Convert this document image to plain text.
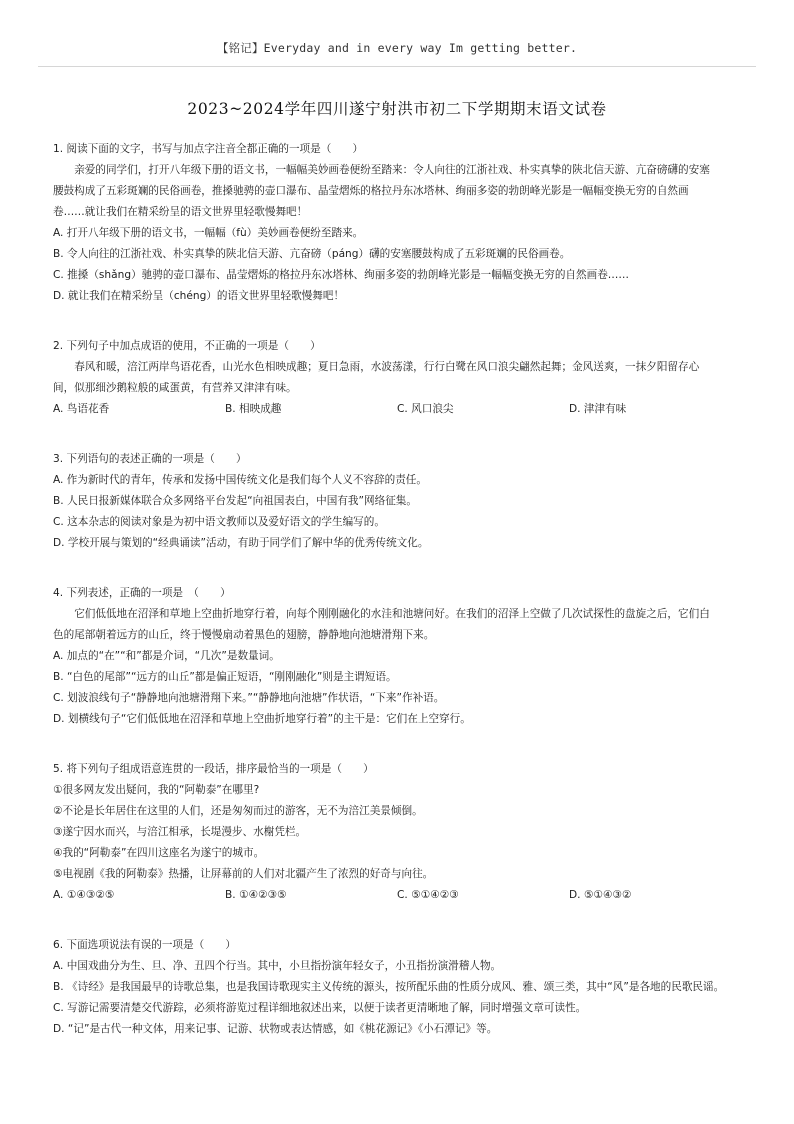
【铭记】Everyday and in every way Im getting better.
2023~2024学年四川遂宁射洪市初二下学期期末语文试卷
1. 阅读下面的文字，书写与加点字注音全都正确的一项是（　　）
亲爱的同学们，打开八年级下册的语文书，一幅幅美妙画卷便纷至踏来：令人向往的江浙社戏、朴实真挚的陕北信天游、亢奋磅礴的安塞
腰鼓构成了五彩斑斓的民俗画卷，推搡驰骋的壶口瀑布、晶莹熠烁的格拉丹东冰塔林、绚丽多姿的勃朗峰光影是一幅幅变换无穷的自然画
卷……就让我们在精采纷呈的语文世界里轻歌慢舞吧！
A. 打开八年级下册的语文书，一幅幅（fù）美妙画卷便纷至踏来。
B. 令人向往的江浙社戏、朴实真挚的陕北信天游、亢奋磅（páng）礴的安塞腰鼓构成了五彩斑斓的民俗画卷。
C. 推搡（shǎng）驰骋的壶口瀑布、晶莹熠烁的格拉丹东冰塔林、绚丽多姿的勃朗峰光影是一幅幅变换无穷的自然画卷……
D. 就让我们在精采纷呈（chéng）的语文世界里轻歌慢舞吧！
2. 下列句子中加点成语的使用，不正确的一项是（　　）
春风和暖，涪江两岸鸟语花香，山光水色相映成趣；夏日急雨，水波荡漾，行行白鹭在风口浪尖翩然起舞；金风送爽，一抹夕阳留存心
间，似那细沙鹅粒般的咸蛋黄，有营养又津津有味。
A. 鸟语花香	B. 相映成趣	C. 风口浪尖	D. 津津有味
3. 下列语句的表述正确的一项是（　　）
A. 作为新时代的青年，传承和发扬中国传统文化是我们每个人义不容辞的责任。
B. 人民日报新媒体联合众多网络平台发起“向祖国表白，中国有我”网络征集。
C. 这本杂志的阅读对象是为初中语文教师以及爱好语文的学生编写的。
D. 学校开展与策划的“经典诵读”活动，有助于同学们了解中华的优秀传统文化。
4. 下列表述，正确的一项是　（　　）
它们低低地在沼泽和草地上空曲折地穿行着，向每个刚刚融化的水洼和池塘问好。在我们的沼泽上空做了几次试探性的盘旋之后，它们白
色的尾部朝着远方的山丘，终于慢慢扇动着黑色的翅膀，静静地向池塘滑翔下来。
A. 加点的“在”“和”都是介词，“几次”是数量词。
B. “白色的尾部”“远方的山丘”都是偏正短语，“刚刚融化”则是主谓短语。
C. 划波浪线句子“静静地向池塘滑翔下来。”“静静地向池塘”作状语，“下来”作补语。
D. 划横线句子“它们低低地在沼泽和草地上空曲折地穿行着”的主干是：它们在上空穿行。
5. 将下列句子组成语意连贯的一段话，排序最恰当的一项是（　　）
①很多网友发出疑问，我的“阿勒泰”在哪里?
②不论是长年居住在这里的人们，还是匆匆而过的游客，无不为涪江美景倾倒。
③遂宁因水而兴，与涪江相承，长堤漫步、水榭凭栏。
④我的“阿勒泰”在四川这座名为遂宁的城市。
⑤电视剧《我的阿勒泰》热播，让屏幕前的人们对北疆产生了浓烈的好奇与向往。
A. ①④③②⑤	B. ①④②③⑤	C. ⑤①④②③	D. ⑤①④③②
6. 下面选项说法有误的一项是（　　）
A. 中国戏曲分为生、旦、净、丑四个行当。其中，小旦指扮演年轻女子，小丑指扮演滑稽人物。
B. 《诗经》是我国最早的诗歌总集，也是我国诗歌现实主义传统的源头，按所配乐曲的性质分成风、雅、颂三类，其中“风”是各地的民歌民谣。
C. 写游记需要清楚交代游踪，必须将游览过程详细地叙述出来，以便于读者更清晰地了解，同时增强文章可读性。
D. “记”是古代一种文体，用来记事、记游、状物或表达情感，如《桃花源记》《小石潭记》等。
